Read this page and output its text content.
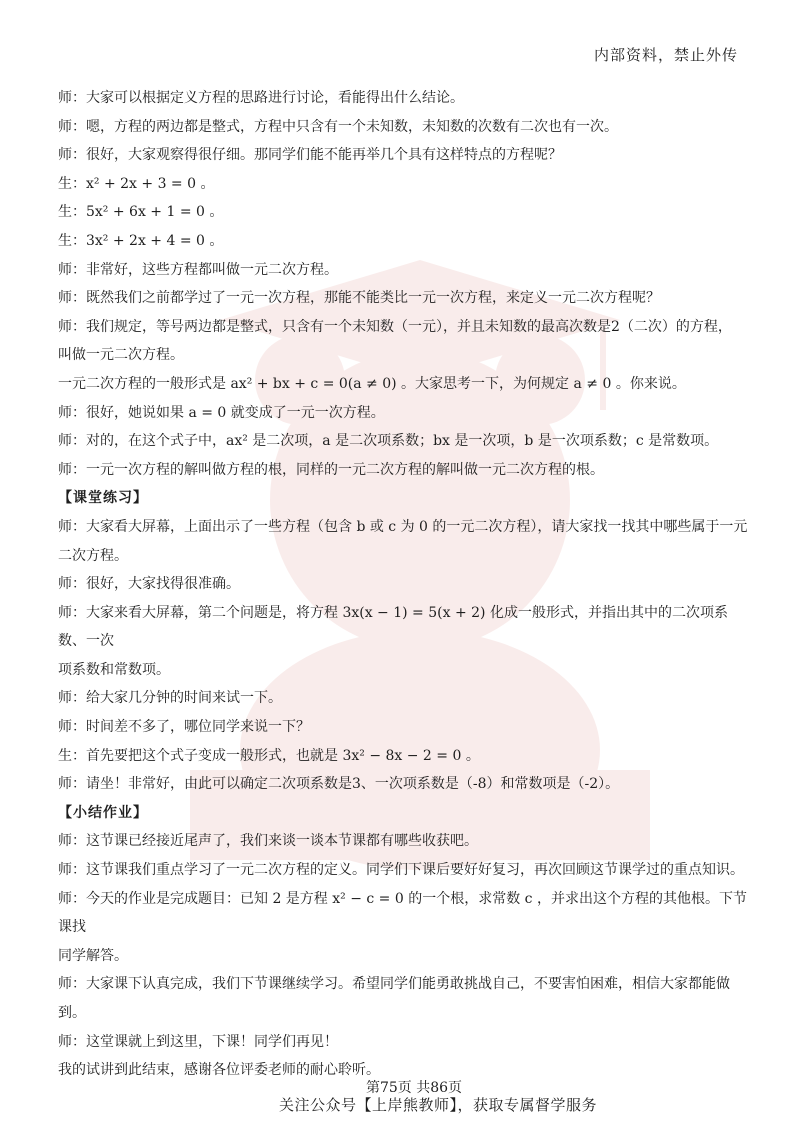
内部资料，禁止外传

师：大家可以根据定义方程的思路进行讨论，看能得出什么结论。

师：嗯，方程的两边都是整式，方程中只含有一个未知数，未知数的次数有二次也有一次。

师：很好，大家观察得很仔细。那同学们能不能再举几个具有这样特点的方程呢？

生：x² + 2x + 3 = 0 。

生：5x² + 6x + 1 = 0 。

生：3x² + 2x + 4 = 0 。

师：非常好，这些方程都叫做一元二次方程。

师：既然我们之前都学过了一元一次方程，那能不能类比一元一次方程，来定义一元二次方程呢？

师：我们规定，等号两边都是整式，只含有一个未知数（一元），并且未知数的最高次数是2（二次）的方程，

叫做一元二次方程。

一元二次方程的一般形式是 ax² + bx + c = 0(a ≠ 0) 。大家思考一下，为何规定 a ≠ 0 。你来说。

师：很好，她说如果 a = 0 就变成了一元一次方程。

师：对的，在这个式子中，ax² 是二次项，a 是二次项系数；bx 是一次项，b 是一次项系数；c 是常数项。

师：一元一次方程的解叫做方程的根，同样的一元二次方程的解叫做一元二次方程的根。

【课堂练习】

师：大家看大屏幕，上面出示了一些方程（包含 b 或 c 为 0 的一元二次方程），请大家找一找其中哪些属于一元

二次方程。

师：很好，大家找得很准确。

师：大家来看大屏幕，第二个问题是，将方程 3x(x − 1) = 5(x + 2) 化成一般形式，并指出其中的二次项系数、一次

项系数和常数项。

师：给大家几分钟的时间来试一下。

师：时间差不多了，哪位同学来说一下？

生：首先要把这个式子变成一般形式，也就是 3x² − 8x − 2 = 0 。

师：请坐！非常好，由此可以确定二次项系数是3、一次项系数是（-8）和常数项是（-2）。

【小结作业】

师：这节课已经接近尾声了，我们来谈一谈本节课都有哪些收获吧。

师：这节课我们重点学习了一元二次方程的定义。同学们下课后要好好复习，再次回顾这节课学过的重点知识。

师：今天的作业是完成题目：已知 2 是方程 x² − c = 0 的一个根，求常数 c ，并求出这个方程的其他根。下节课找

同学解答。

师：大家课下认真完成，我们下节课继续学习。希望同学们能勇敢挑战自己，不要害怕困难，相信大家都能做到。

师：这堂课就上到这里，下课！同学们再见！

我的试讲到此结束，感谢各位评委老师的耐心聆听。

第75页 共86页
关注公众号【上岸熊教师】，获取专属督学服务
